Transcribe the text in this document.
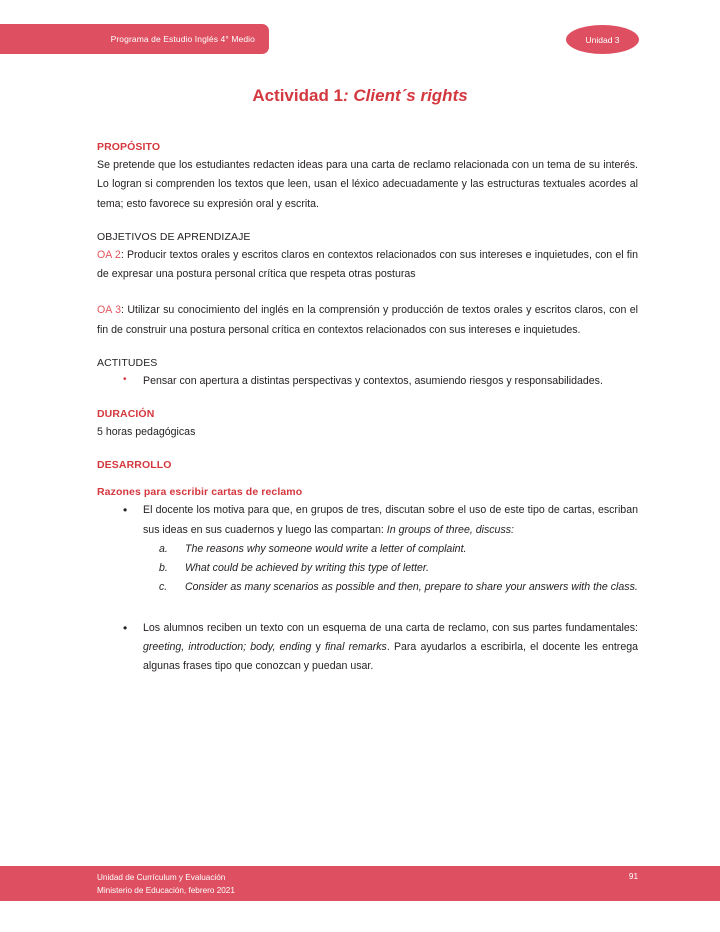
Programa de Estudio Inglés 4° Medio	Unidad 3
Actividad 1: Client´s rights
PROPÓSITO

Se pretende que los estudiantes redacten ideas para una carta de reclamo relacionada con un tema de su interés. Lo logran si comprenden los textos que leen, usan el léxico adecuadamente y las estructuras textuales acordes al tema; esto favorece su expresión oral y escrita.

OBJETIVOS DE APRENDIZAJE

OA 2: Producir textos orales y escritos claros en contextos relacionados con sus intereses e inquietudes, con el fin de expresar una postura personal crítica que respeta otras posturas

OA 3: Utilizar su conocimiento del inglés en la comprensión y producción de textos orales y escritos claros, con el fin de construir una postura personal crítica en contextos relacionados con sus intereses e inquietudes.

ACTITUDES
• Pensar con apertura a distintas perspectivas y contextos, asumiendo riesgos y responsabilidades.
DURACIÓN

5 horas pedagógicas

DESARROLLO
Razones para escribir cartas de reclamo
• El docente los motiva para que, en grupos de tres, discutan sobre el uso de este tipo de cartas, escriban sus ideas en sus cuadernos y luego las compartan: In groups of three, discuss:
a. The reasons why someone would write a letter of complaint.
b. What could be achieved by writing this type of letter.
c. Consider as many scenarios as possible and then, prepare to share your answers with the class.
• Los alumnos reciben un texto con un esquema de una carta de reclamo, con sus partes fundamentales: greeting, introduction; body, ending y final remarks. Para ayudarlos a escribirla, el docente les entrega algunas frases tipo que conozcan y puedan usar.
Unidad de Currículum y Evaluación
Ministerio de Educación, febrero 2021
91
